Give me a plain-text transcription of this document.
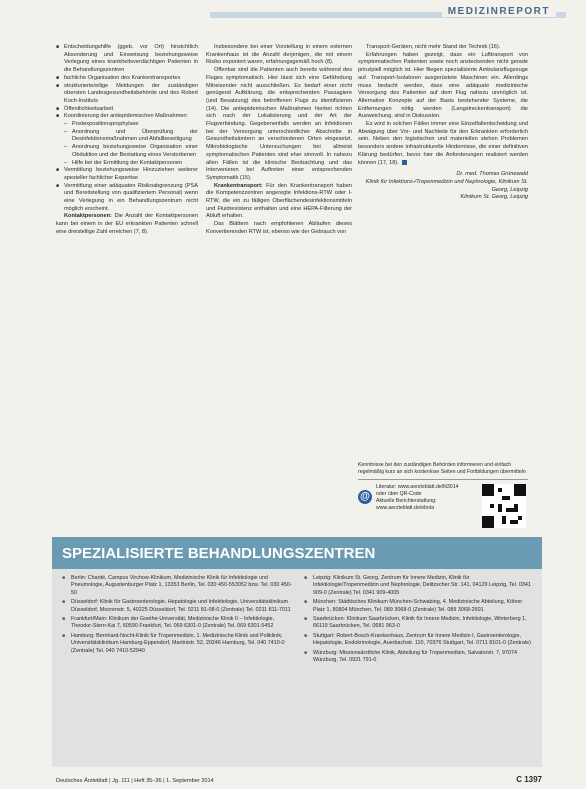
MEDIZINREPORT
■ Entscheidungshilfe (ggeb. vor Ort) hinsichtlich Absonderung und Einweisung beziehungsweise Verlegung eines krankheitsverdächtigen Patienten in die Behandlungszentren
■ fachliche Organisation des Krankentransportes
■ strukturierte/eilige Meldungen der zuständigen obersten Landesgesundheitsbehörde und des Robert Koch-Instituts
■ Öffentlichkeitsarbeit
■ Koordinierung der antiepidemischen Maßnahmen:
– Postexpositionsprophylaxe
– Anordnung und Überprüfung der Desinfektionsmaßnahmen und Abfallbeseitigung
– Anordnung beziehungsweise Organisation einer Obduktion und der Bestattung eines Verstorbenen
– Hilfe bei der Ermittlung der Kontaktpersonen
■ Vermittlung beziehungsweise Hinzuziehen weiterer spezieller fachlicher Expertise
■ Vermittlung einer adäquaten Risikoabgrenzung (PSA und Bereitstellung von qualifiziertem Personal) wenn eine Verlegung in ein Behandlungszentrum nicht möglich erscheint.
Kontaktpersonen: Die Anzahl der Kontaktpersonen kann bei einem in der EU erkrankten Patienten schnell eine dreistellige Zahl erreichen (7, 8).
Insbesondere bei einer Vorstellung in einem externen Krankenhaus ist die Anzahl derjenigen, die mit einem Risiko exponiert waren, erfahrungsgemäß hoch (8).
Offenbar sind die Patienten auch bereits während des Fluges symptomatisch. Hier lässt sich eine Gefährdung Mitreisender nicht ausschließen. Es bedarf einer nicht genügend Aufklärung, die entsprechenden Passagiere (und Besatzung) des betroffenen Flugs zu identifizieren (14). Die antiepidemischen Maßnahmen hierbei richten sich nach der Lokalisierung und der Art der Flugverbindung. Gegebenenfalls werden an Infektionen bei der Versorgung unterschiedlicher Abschnitte in Gesundheitsämtern an verschiedenen Orten eingesetzt. Mikrobiologische Untersuchungen bei allmeist symptomatischen Patienten sind eher sinnvoll. In nahezu allen Fällen ist die klinische Beobachtung und das Intervenieren bei Auftreten einer entsprechenden Symptomatik (15).
Krankentransport: Für den Krankentransport haben die Kompetenzzentren angeregte Infektions-RTW oder I-RTW, die ein zu fälligen Oberflächendesinfektionsmitteln und Fluidresistenz enthalten und eine HEPA-Filterung der Abluft erhalten.
Das Blättern nach empfohlenen Abläufen dieses Konvertierenden RTW ist, ebenso wie der Gebrauch von
Transport-Geräten, nicht mehr Stand der Technik (16).
Erfahrungen haben gezeigt, dass ein Lufttransport von symptomatischen Patienten sowie noch ansteckenden nicht gerade prinzipiell möglich ist. Hier fliegen spezialisierte Ambulanzflugzeuge auf. Transport-Isolatoren ausgerüstete Maschinen ein. Allerdings muss bedacht werden, dass eine adäquate medizinische Versorgung des Patienten auf dem Flug nahezu unmöglich ist. Alternative Konzepte auf der Basis bestehender Systeme, die Entfernungen nötig werden (Langstreckentransport) die Ausweichung, sind in Diskussion.
Es wird in solchen Fällen immer eine Einzelfallentscheidung und Abwägung über Vor- und Nachteile für den Erkrankten erforderlich sein. Neben den logistischen und materiellen stehen Problemen besonders andere infrastrukturelle Hindernisse, die einer definitiven Klärung bedürfen, bevor hier die Anforderungen realisiert werden können (17, 18).
Dr. med. Thomas Grünewald
Klinik für Infektions-/Tropenmedizin und Nephrologie, Klinikum St. Georg, Leipzig
Klinikum St. Georg, Leipzig
Kenntnisse bei den zuständigen Behörden informieren und einfach regelmäßig kurz an sich kostenlose Seiten und Fortbildungen übermitteln
@
Literatur: www.aerzteblatt.de/lit3014
oder über QR-Code
Aktuelle Berichterstattung:
www.aerzteblatt.de/ebola
SPEZIALISIERTE BEHANDLUNGSZENTREN
■ Berlin: Charité, Campus Virchow-Klinikum, Medizinische Klinik für Infektiologie und Pneumologie, Augustenburger Platz 1, 13353 Berlin, Tel. 030 450-553052 bzw. Tel. 030 450-50
■ Düsseldorf: Klinik für Gastroenterologie, Hepatologie und Infektiologie, Universitätsklinikum Düsseldorf, Moorenstr. 5, 40225 Düsseldorf, Tel. 0211 81-08-0 (Zentrale) Tel. 0211 811-7011
■ Frankfurt/Main: Klinikum der Goethe-Universität, Medizinische Klinik II – Infektiologie, Theodor-Stern-Kai 7, 60590 Frankfurt, Tel. 069 6301-0 (Zentrale) Tel. 069 6301-5452
■ Hamburg: Bernhard-Nocht-Klinik für Tropenmedizin, 1. Medizinische Klinik und Poliklinik, Universitätsklinikum Hamburg-Eppendorf, Martinistr. 52, 20246 Hamburg, Tel. 040 7410-0 (Zentrale) Tel. 040 7410-52940
■ Leipzig: Klinikum St. Georg, Zentrum für Innere Medizin, Klinik für Infektiologie/Tropenmedizin und Nephrologie, Delitzscher Str. 141, 04129 Leipzig, Tel. 0341 909-0 (Zentrale) Tel. 0341 909-4005
■ München: Städtisches Klinikum München-Schwabing, 4. Medizinische Abteilung, Kölner Platz 1, 80804 München, Tel. 089 3068-0 (Zentrale) Tel. 089 3068-2601
■ Saarbrücken: Klinikum Saarbrücken, Klinik für Innere Medizin, Infektiologie, Winterberg 1, 66119 Saarbrücken, Tel. 0681 963-0
■ Stuttgart: Robert-Bosch-Krankenhaus, Zentrum für Innere Medizin I, Gastroenterologie, Hepatologie, Endokrinologie, Auerbachstr. 110, 70376 Stuttgart, Tel. 0711 8101-0 (Zentrale)
■ Würzburg: Missionsärztliche Klinik, Abteilung für Tropenmedizin, Salvatorstr. 7, 97074 Würzburg, Tel. 0931 791-0
Deutsches Ärzteblatt | Jg. 111 | Heft 35–36 | 1. September 2014	C 1397
